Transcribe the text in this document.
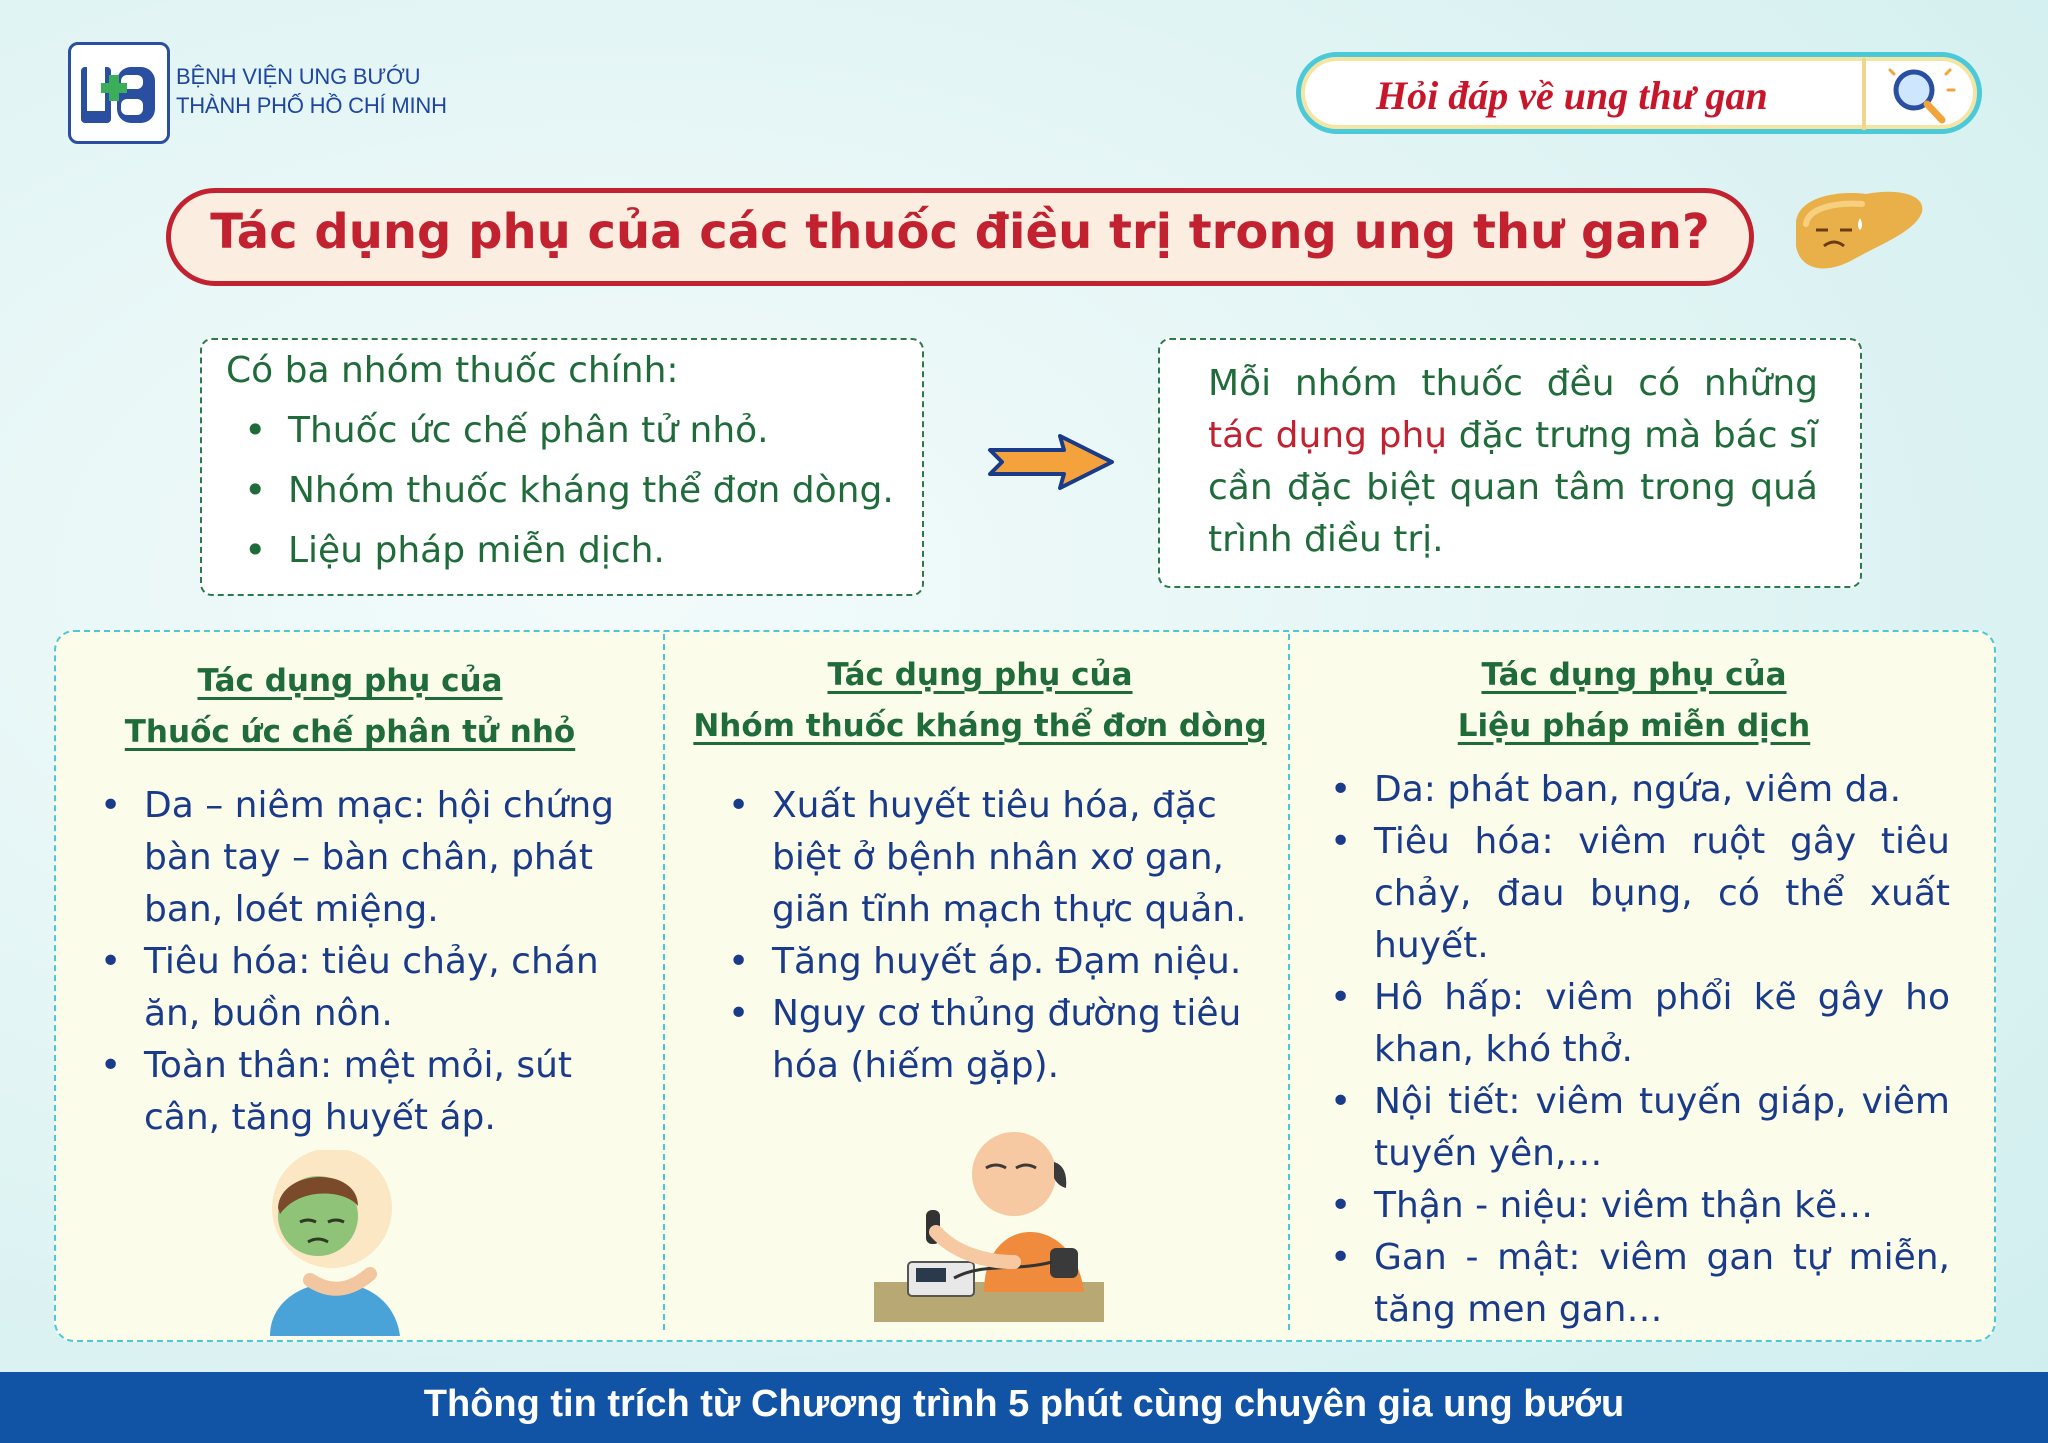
BỆNH VIỆN UNG BƯỚU
THÀNH PHỐ HỒ CHÍ MINH	Hỏi đáp về ung thư gan
Tác dụng phụ của các thuốc điều trị trong ung thư gan?
Có ba nhóm thuốc chính:
• Thuốc ức chế phân tử nhỏ.
• Nhóm thuốc kháng thể đơn dòng.
• Liệu pháp miễn dịch.
Mỗi nhóm thuốc đều có những tác dụng phụ đặc trưng mà bác sĩ cần đặc biệt quan tâm trong quá trình điều trị.
Tác dụng phụ của
Thuốc ức chế phân tử nhỏ
• Da – niêm mạc: hội chứng bàn tay – bàn chân, phát ban, loét miệng.
• Tiêu hóa: tiêu chảy, chán ăn, buồn nôn.
• Toàn thân: mệt mỏi, sút cân, tăng huyết áp.
Tác dụng phụ của
Nhóm thuốc kháng thể đơn dòng
• Xuất huyết tiêu hóa, đặc biệt ở bệnh nhân xơ gan, giãn tĩnh mạch thực quản.
• Tăng huyết áp. Đạm niệu.
• Nguy cơ thủng đường tiêu hóa (hiếm gặp).
Tác dụng phụ của
Liệu pháp miễn dịch
• Da: phát ban, ngứa, viêm da.
• Tiêu hóa: viêm ruột gây tiêu chảy, đau bụng, có thể xuất huyết.
• Hô hấp: viêm phổi kẽ gây ho khan, khó thở.
• Nội tiết: viêm tuyến giáp, viêm tuyến yên,…
• Thận - niệu: viêm thận kẽ…
• Gan - mật: viêm gan tự miễn, tăng men gan…
Thông tin trích từ Chương trình 5 phút cùng chuyên gia ung bướu
